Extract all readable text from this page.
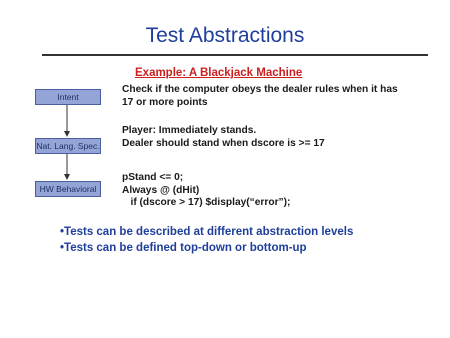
Test Abstractions
Example: A Blackjack Machine
Intent
Nat. Lang. Spec.
HW Behavioral
Check if the computer obeys the dealer rules when it has
17 or more points
Player: Immediately stands.
Dealer should stand when dscore is >= 17
pStand <= 0;
Always @ (dHit)
if (dscore > 17) $display(“error”);
• Tests can be described at different abstraction levels
• Tests can be defined top-down or bottom-up
